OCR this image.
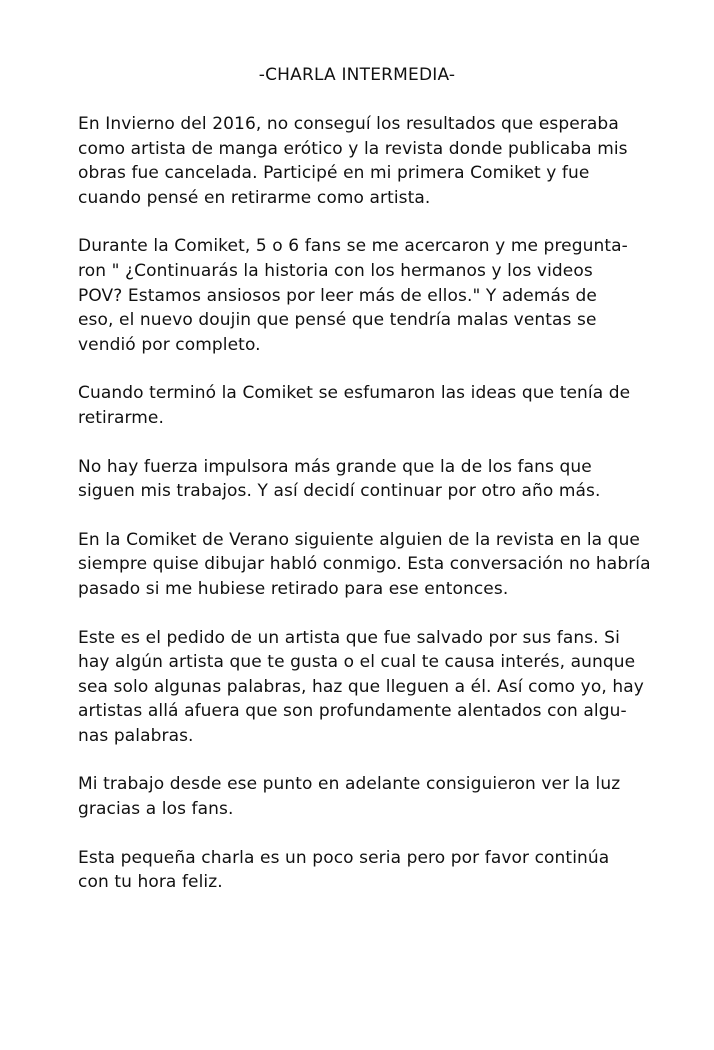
-CHARLA INTERMEDIA-
En Invierno del 2016, no conseguí los resultados que esperaba
como artista de manga erótico y la revista donde publicaba mis
obras fue cancelada. Participé en mi primera Comiket y fue
cuando pensé en retirarme como artista.
Durante la Comiket, 5 o 6 fans se me acercaron y me pregunta-
ron " ¿Continuarás la historia con los hermanos y los videos
POV? Estamos ansiosos por leer más de ellos." Y además de
eso, el nuevo doujin que pensé que tendría malas ventas se
vendió por completo.
Cuando terminó la Comiket se esfumaron las ideas que tenía de
retirarme.
No hay fuerza impulsora más grande que la de los fans que
siguen mis trabajos. Y así decidí continuar por otro año más.
En la Comiket de Verano siguiente alguien de la revista en la que
siempre quise dibujar habló conmigo. Esta conversación no habría
pasado si me hubiese retirado para ese entonces.
Este es el pedido de un artista que fue salvado por sus fans. Si
hay algún artista que te gusta o el cual te causa interés, aunque
sea solo algunas palabras, haz que lleguen a él. Así como yo, hay
artistas allá afuera que son profundamente alentados con algu-
nas palabras.
Mi trabajo desde ese punto en adelante consiguieron ver la luz
gracias a los fans.
Esta pequeña charla es un poco seria pero por favor continúa
con tu hora feliz.
